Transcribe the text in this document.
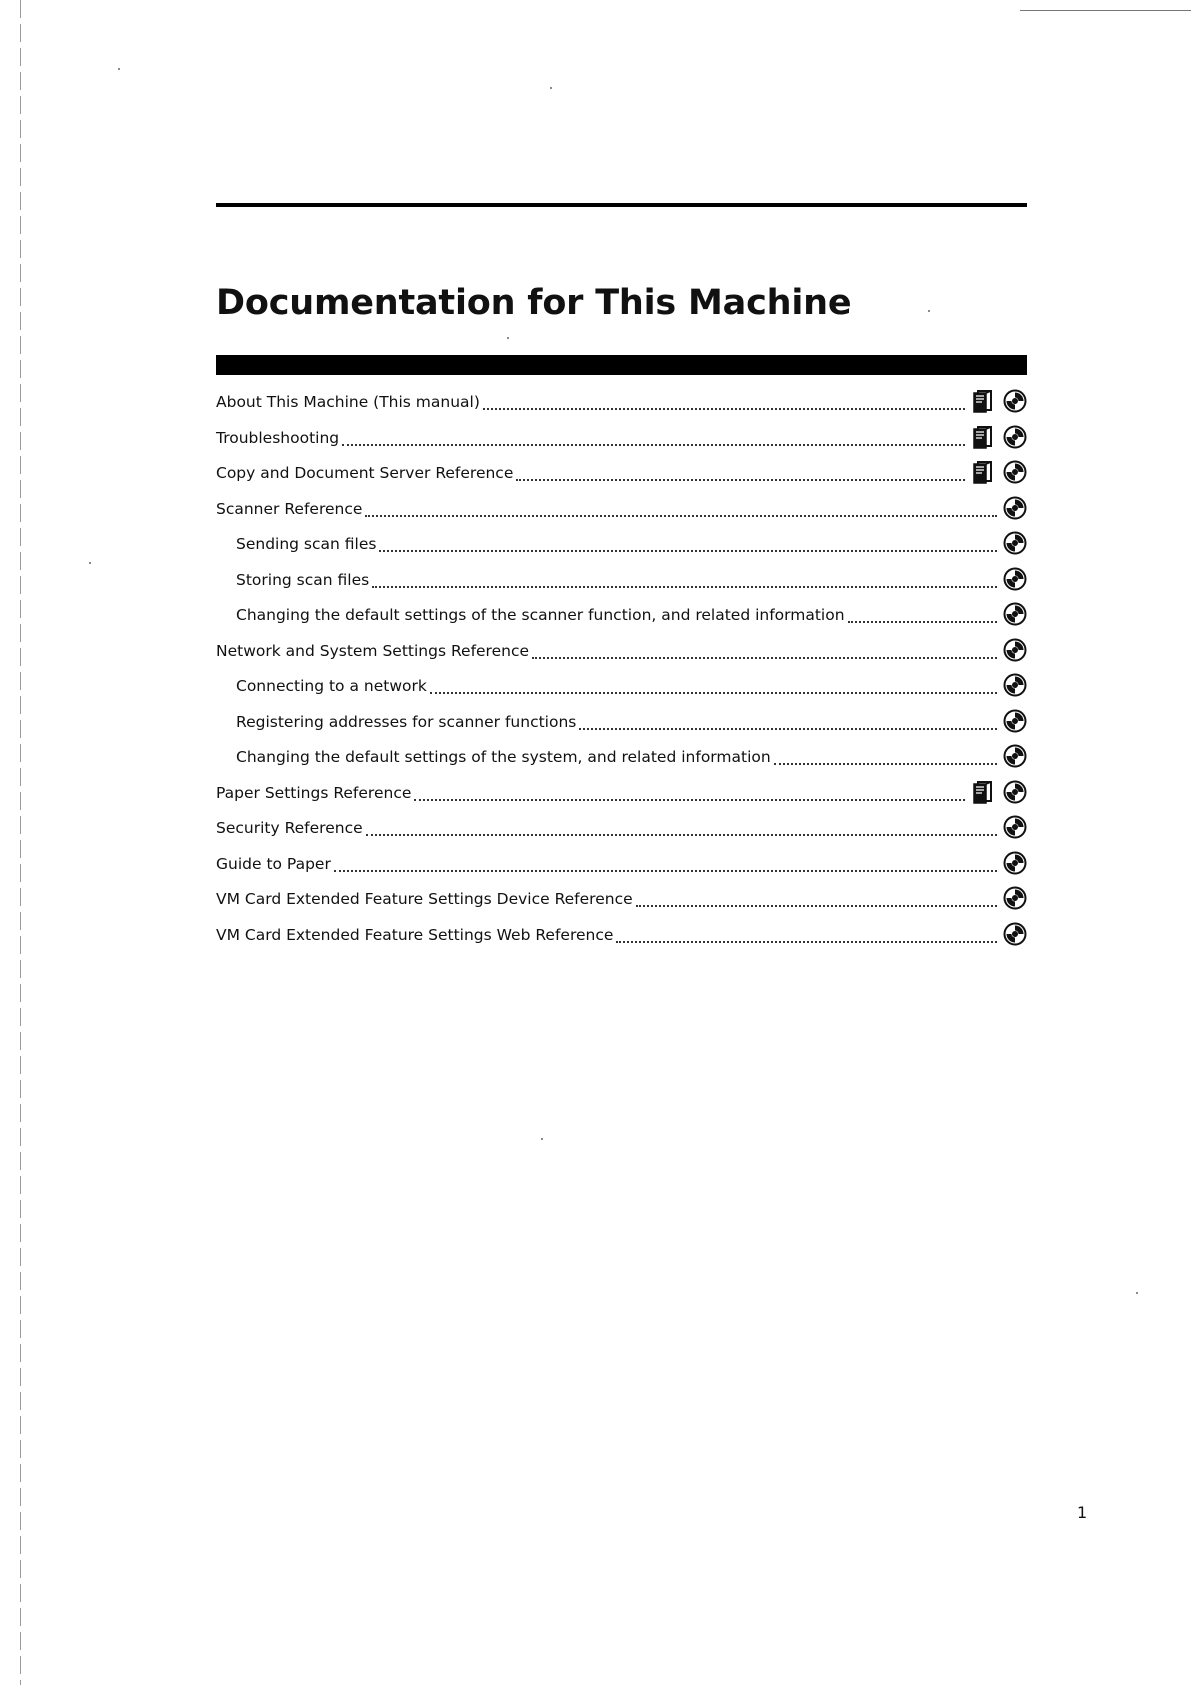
Documentation for This Machine
About This Machine (This manual)
Troubleshooting
Copy and Document Server Reference
Scanner Reference
Sending scan files
Storing scan files
Changing the default settings of the scanner function, and related information
Network and System Settings Reference
Connecting to a network
Registering addresses for scanner functions
Changing the default settings of the system, and related information
Paper Settings Reference
Security Reference
Guide to Paper
VM Card Extended Feature Settings Device Reference
VM Card Extended Feature Settings Web Reference
1
